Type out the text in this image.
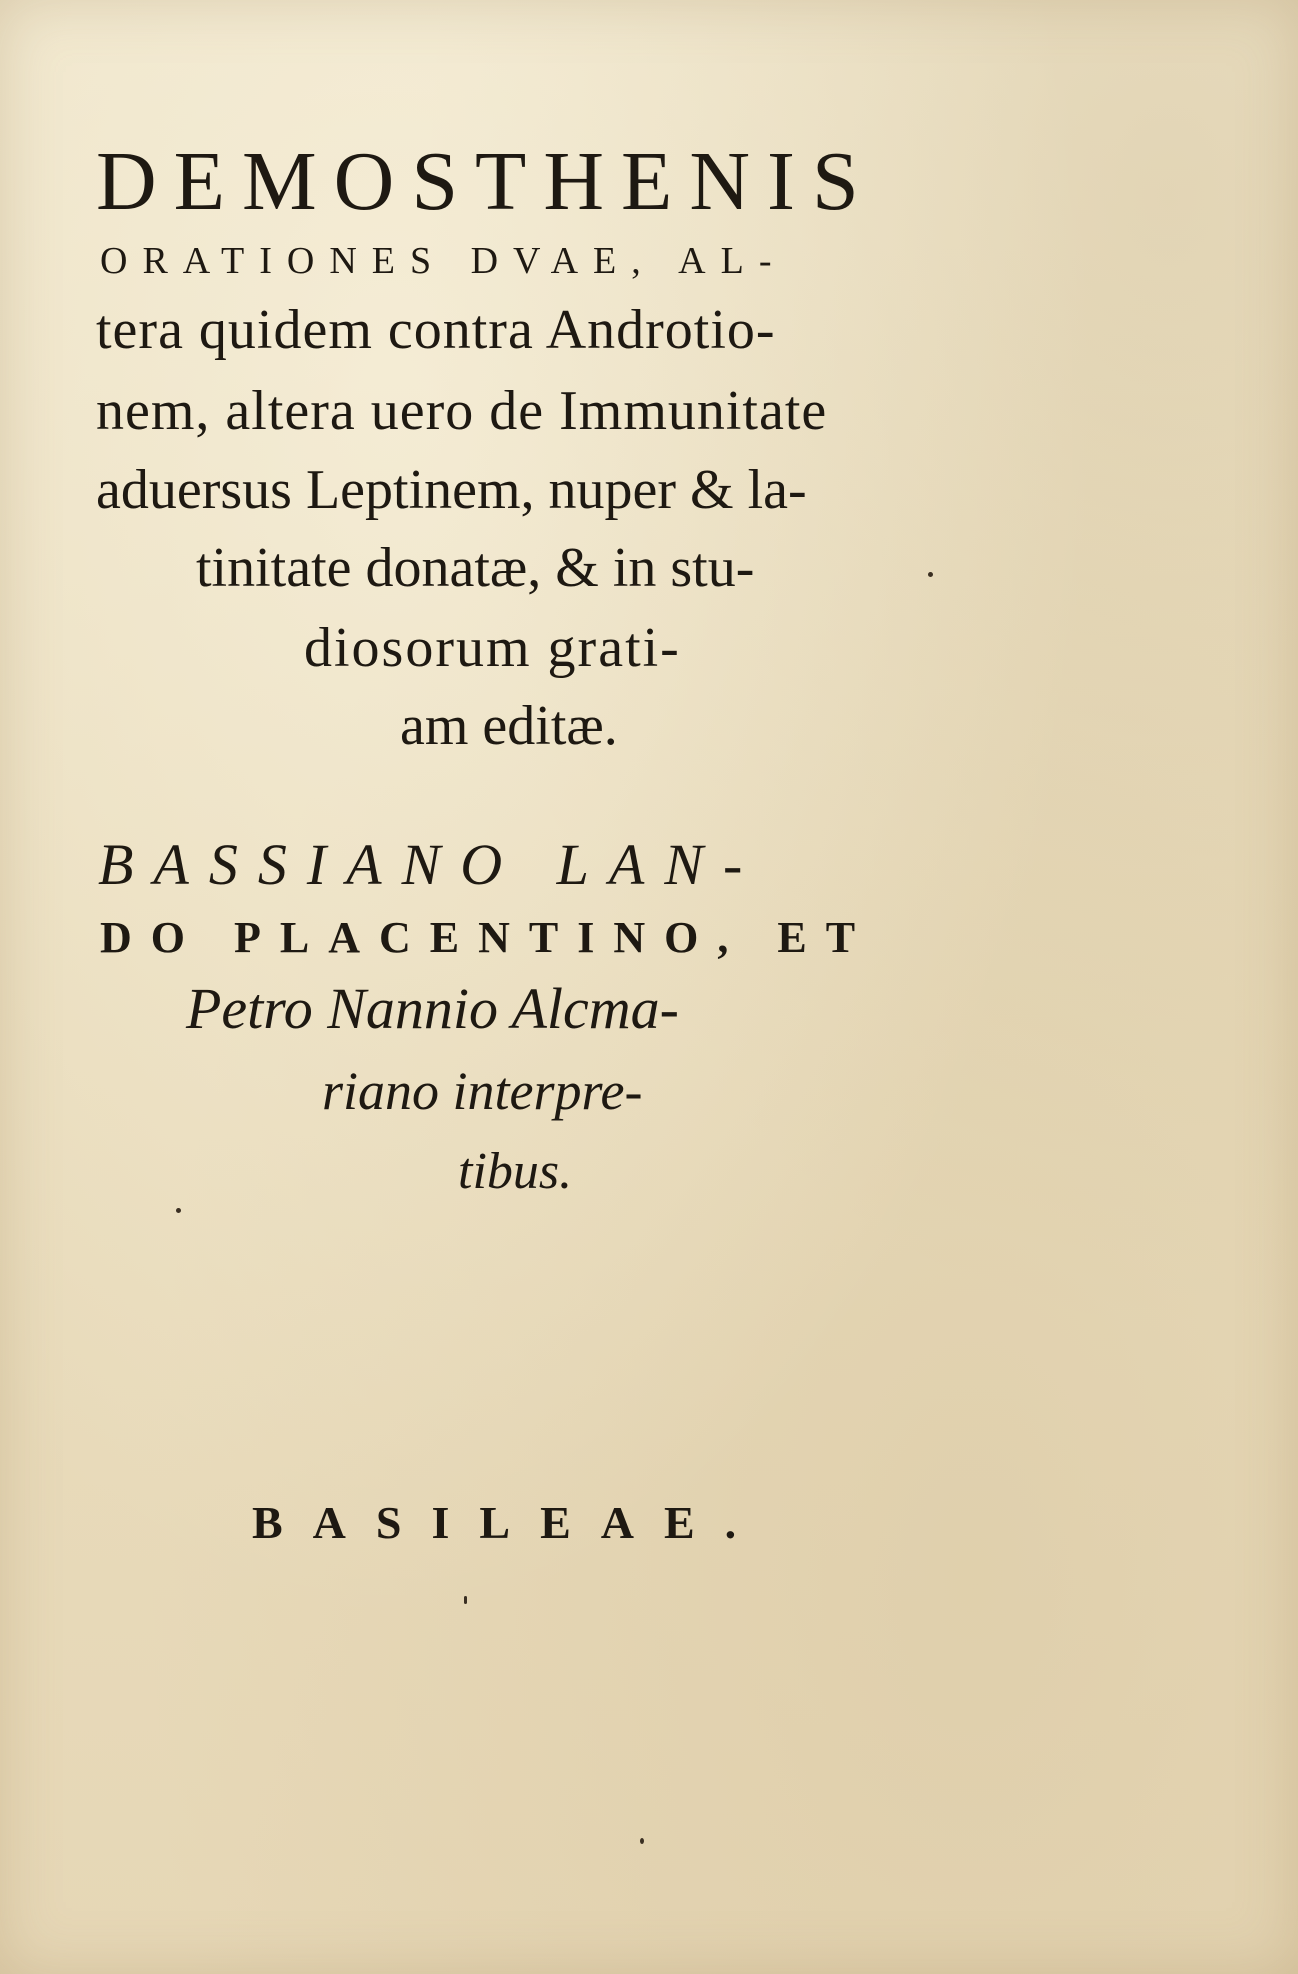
DEMOSTHENIS
ORATIONES DVAE, AL-
tera quidem contra Androtio-
nem, altera uero de Immunitate
aduersus Leptinem, nuper & la-
tinitate donatæ, & in stu-
diosorum grati-
am editæ.
BASSIANO LAN-
DO PLACENTINO, ET
Petro Nannio Alcma-
riano interpre-
tibus.
BASILEAE.
